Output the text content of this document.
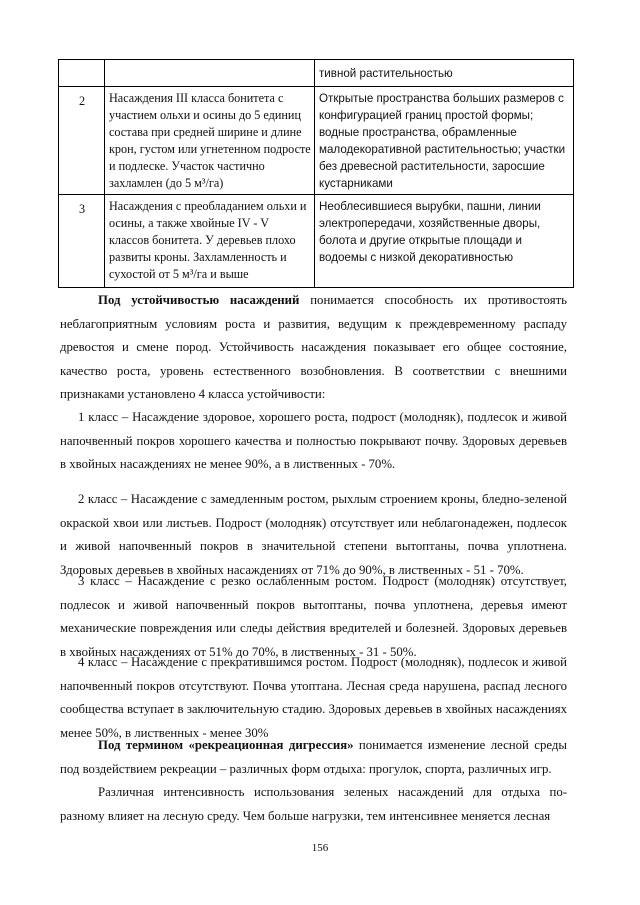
		тивной растительностью
2	Насаждения III класса бонитета с участием ольхи и осины до 5 единиц состава при средней ширине и длине крон, густом или угнетенном подросте и подлеске. Участок частично захламлен (до 5 м³/га)	Открытые пространства больших размеров с конфигурацией границ простой формы; водные пространства, обрамленные малодекоративной растительностью; участки без древесной растительности, заросшие кустарниками
3	Насаждения с преобладанием ольхи и осины, а также хвойные IV - V классов бонитета. У деревьев плохо развиты кроны. Захламленность и сухостой от 5 м³/га и выше	Необлесившиеся вырубки, пашни, линии электропередачи, хозяйственные дворы, болота и другие открытые площади и водоемы с низкой декоративностью

Под устойчивостью насаждений понимается способность их противостоять неблагоприятным условиям роста и развития, ведущим к преждевременному распаду древостоя и смене пород. Устойчивость насаждения показывает его общее состояние, качество роста, уровень естественного возобновления. В соответствии с внешними признаками установлено 4 класса устойчивости:

1 класс – Насаждение здоровое, хорошего роста, подрост (молодняк), подлесок и живой напочвенный покров хорошего качества и полностью покрывают почву. Здоровых деревьев в хвойных насаждениях не менее 90%, а в лиственных - 70%.

2 класс – Насаждение с замедленным ростом, рыхлым строением кроны, бледно-зеленой окраской хвои или листьев. Подрост (молодняк) отсутствует или неблагонадежен, подлесок и живой напочвенный покров в значительной степени вытоптаны, почва уплотнена. Здоровых деревьев в хвойных насаждениях от 71% до 90%, в лиственных - 51 - 70%.

3 класс – Насаждение с резко ослабленным ростом. Подрост (молодняк) отсутствует, подлесок и живой напочвенный покров вытоптаны, почва уплотнена, деревья имеют механические повреждения или следы действия вредителей и болезней. Здоровых деревьев в хвойных насаждениях от 51% до 70%, в лиственных - 31 - 50%.

4 класс – Насаждение с прекратившимся ростом. Подрост (молодняк), подлесок и живой напочвенный покров отсутствуют. Почва утоптана. Лесная среда нарушена, распад лесного сообщества вступает в заключительную стадию. Здоровых деревьев в хвойных насаждениях менее 50%, в лиственных - менее 30%

Под термином «рекреационная дигрессия» понимается изменение лесной среды под воздействием рекреации – различных форм отдыха: прогулок, спорта, различных игр.

Различная интенсивность использования зеленых насаждений для отдыха по-разному влияет на лесную среду. Чем больше нагрузки, тем интенсивнее меняется лесная

156
